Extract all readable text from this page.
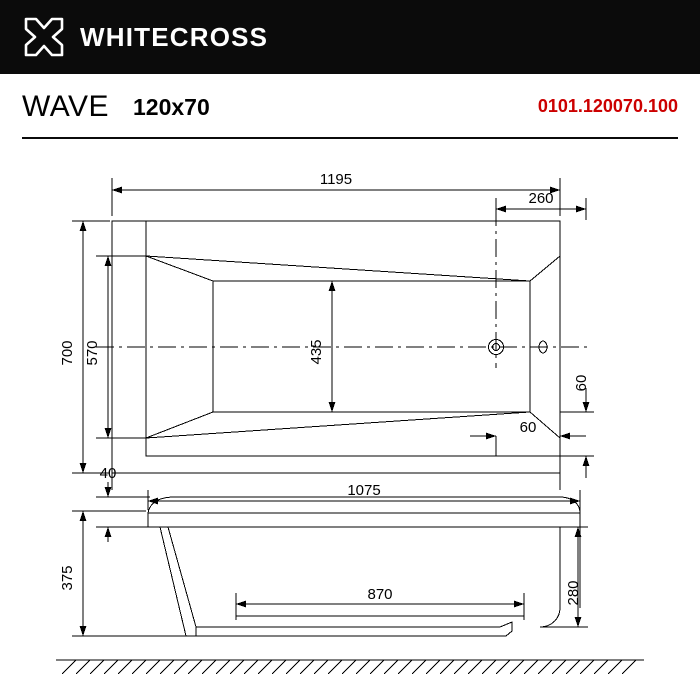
WHITECROSS
WAVE 120x70	0101.120070.100
1195
260
700 570	435
60
60
1075
40
375
870	280
